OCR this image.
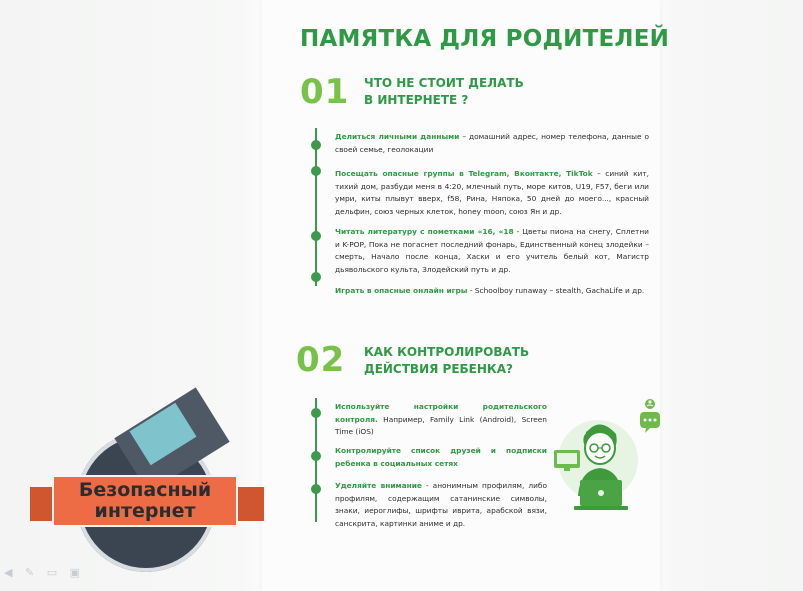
ПАМЯТКА ДЛЯ РОДИТЕЛЕЙ
01 ЧТО НЕ СТОИТ ДЕЛАТЬ
В ИНТЕРНЕТЕ ?
Делиться личными данными – домашний адрес, номер телефона, данные о своей семье, геолокации
Посещать опасные группы в Telegram, Вконтакте, TikTok – синий кит, тихий дом, разбуди меня в 4:20, млечный путь, море китов, U19, F57, беги или умри, киты плывут вверх, f58, Рина, Няпока, 50 дней до моего..., красный дельфин, союз черных клеток, honey moon, союз Ян и др.
Читать литературу с пометками «16, «18 - Цветы пиона на снегу, Сплетни и K-POP, Пока не погаснет последний фонарь, Единственный конец злодейки – смерть, Начало после конца, Хаски и его учитель белый кот, Магистр дьявольского культа, Злодейский путь и др.
Играть в опасные онлайн игры - Schoolboy runaway – stealth, GachaLife и др.
02 КАК КОНТРОЛИРОВАТЬ
ДЕЙСТВИЯ РЕБЕНКА?
Используйте настройки родительского контроля. Например, Family Link (Android), Screen Time (iOS)
Контролируйте список друзей и подписки ребенка в социальных сетях
Уделяйте внимание - анонимным профилям, либо профилям, содержащим сатанинские символы, знаки, иероглифы, шрифты иврита, арабской вязи, санскрита, картинки аниме и др.
Безопасный
интернет
◀ ✎ ▭ ▣
